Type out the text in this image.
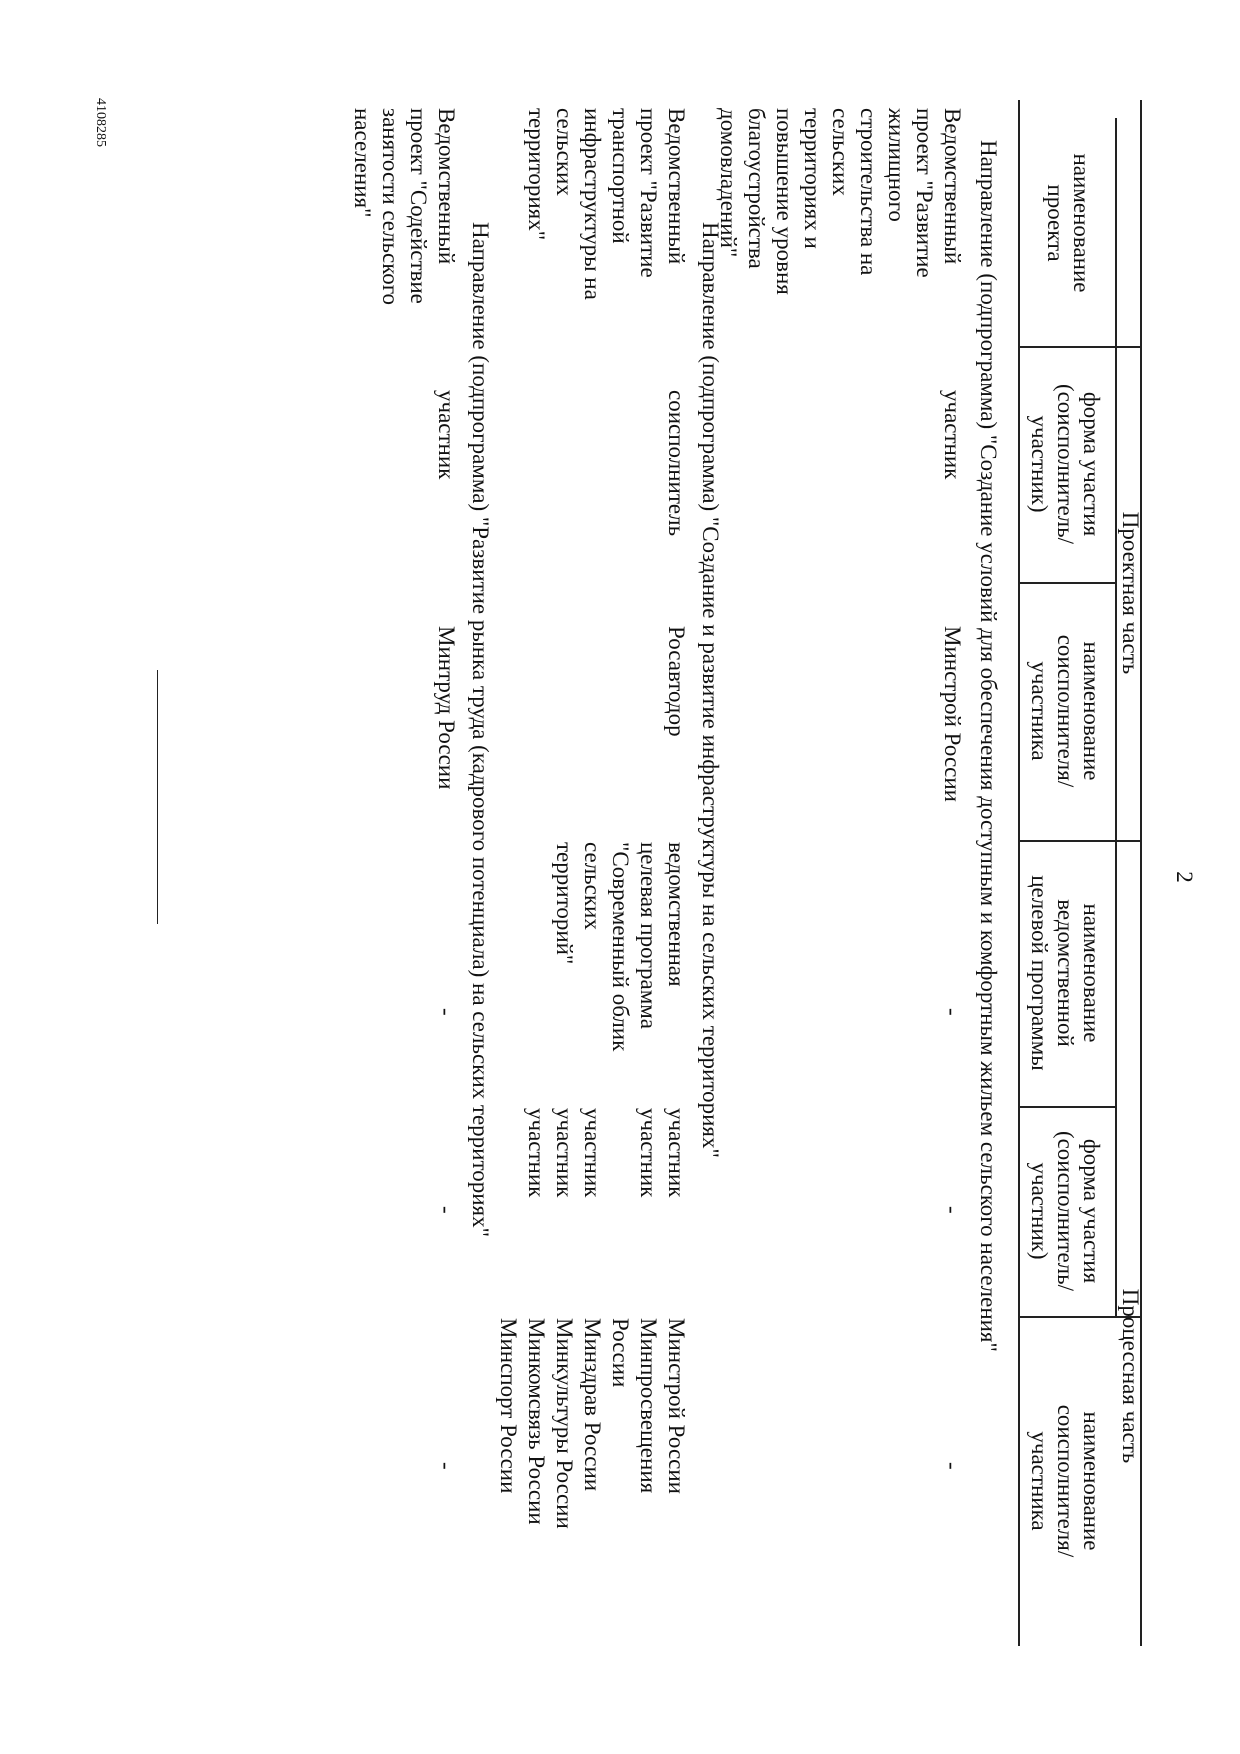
2
наименование
проекта
Проектная часть
Процессная часть
форма участия
(соисполнитель/
участник)
наименование
соисполнителя/
участника
наименование
ведомственной
целевой программы
форма участия
(соисполнитель/
участник)
наименование
соисполнителя/
участника
Направление (подпрограмма) "Создание условий для обеспечения доступным и комфортным жильем сельского населения"
Ведомственный
проект "Развитие
жилищного
строительства на
сельских
территориях и
повышение уровня
благоустройства
домовладений"
участник
Минстрой России
-
-
-
Направление (подпрограмма) "Создание и развитие инфраструктуры на сельских территориях"
Ведомственный
проект "Развитие
транспортной
инфраструктуры на
сельских
территориях"
соисполнитель
Росавтодор
ведомственная
целевая программа
"Современный облик
сельских
территорий"
участник
участник
участник
участник
участник
Минстрой России
Минпросвещения
России
Минздрав России
Минкультуры России
Минкомсвязь России
Минспорт России
Направление (подпрограмма) "Развитие рынка труда (кадрового потенциала) на сельских территориях"
Ведомственный
проект "Содействие
занятости сельского
населения"
участник
Минтруд России
-
-
-
4108285
